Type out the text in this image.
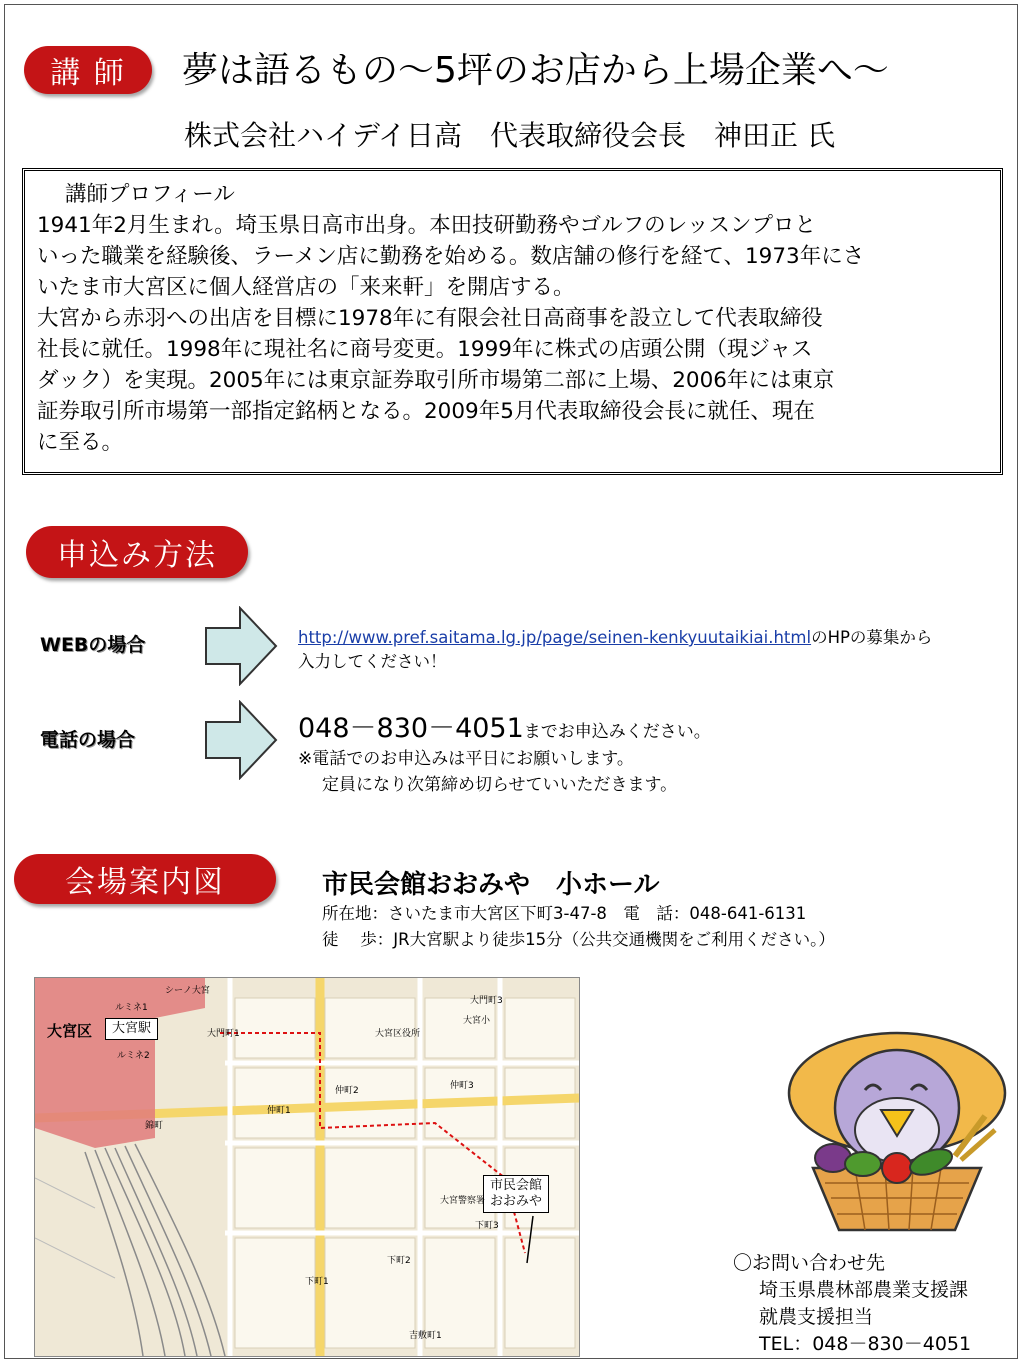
講 師 夢は語るもの～5坪のお店から上場企業へ～
株式会社ハイデイ日高　代表取締役会長　神田正 氏
講師プロフィール
1941年2月生まれ。埼玉県日高市出身。本田技研勤務やゴルフのレッスンプロと
いった職業を経験後、ラーメン店に勤務を始める。数店舗の修行を経て、1973年にさ
いたま市大宮区に個人経営店の「来来軒」を開店する。
大宮から赤羽への出店を目標に1978年に有限会社日高商事を設立して代表取締役
社長に就任。1998年に現社名に商号変更。1999年に株式の店頭公開（現ジャス
ダック）を実現。2005年には東京証券取引所市場第二部に上場、2006年には東京
証券取引所市場第一部指定銘柄となる。2009年5月代表取締役会長に就任、現在
に至る。
申込み方法
WEBの場合	http://www.pref.saitama.lg.jp/page/seinen-kenkyuutaikiai.htmlのHPの募集から
入力してください！
電話の場合	048－830－4051までお申込みください。
※電話でのお申込みは平日にお願いします。
定員になり次第締め切らせていいただきます。
会場案内図	市民会館おおみや　小ホール
所在地：さいたま市大宮区下町3-47-8　電　話：048-641-6131
徒　 歩：JR大宮駅より徒歩15分（公共交通機関をご利用ください。）
大宮駅
大宮区
市民会館
おおみや
大門町3
大門町1	大宮区役所
仲町2	仲町3
仲町1
下町2
下町1
下町3
錦町
大宮小
吉敷町1
シーノ大宮
ルミネ1
ルミネ2
大宮警察署
〇お問い合わせ先
埼玉県農林部農業支援課
就農支援担当
TEL：048－830－4051
